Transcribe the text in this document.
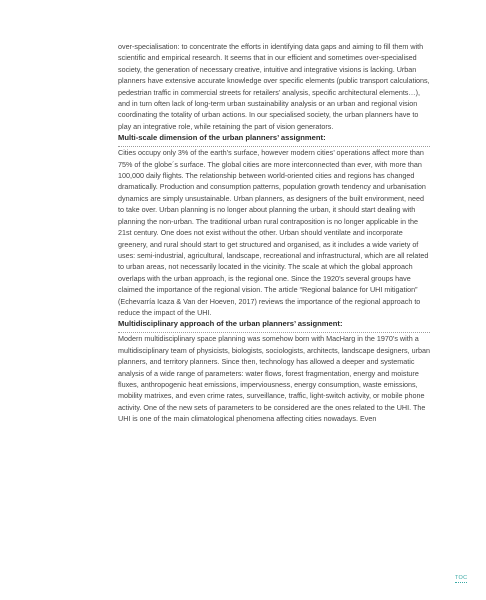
over-specialisation: to concentrate the efforts in identifying data gaps and aiming to fill them with scientific and empirical research. It seems that in our efficient and sometimes over-specialised society, the generation of necessary creative, intuitive and integrative visions is lacking. Urban planners have extensive accurate knowledge over specific elements (public transport calculations, pedestrian traffic in commercial streets for retailers’ analysis, specific architectural elements…), and in turn often lack of long-term urban sustainability analysis or an urban and regional vision coordinating the totality of urban actions. In our specialised society, the urban planners have to play an integrative role, while retaining the part of vision generators.

Multi-scale dimension of the urban planners’ assignment:

Cities occupy only 3% of the earth’s surface, however modern cities’ operations affect more than 75% of the globe´s surface. The global cities are more interconnected than ever, with more than 100,000 daily flights. The relationship between world-oriented cities and regions has changed dramatically. Production and consumption patterns, population growth tendency and urbanisation dynamics are simply unsustainable. Urban planners, as designers of the built environment, need to take over. Urban planning is no longer about planning the urban, it should start dealing with planning the non-urban. The traditional urban rural contraposition is no longer applicable in the 21st century. One does not exist without the other. Urban should ventilate and incorporate greenery, and rural should start to get structured and organised, as it includes a wide variety of uses: semi-industrial, agricultural, landscape, recreational and infrastructural, which are all related to urban areas, not necessarily located in the vicinity. The scale at which the global approach overlaps with the urban approach, is the regional one. Since the 1920’s several groups have claimed the importance of the regional vision. The article “Regional balance for UHI mitigation” (Echevarría Icaza & Van der Hoeven, 2017) reviews the importance of the regional approach to reduce the impact of the UHI.

Multidisciplinary approach of the urban planners’ assignment:

Modern multidisciplinary space planning was somehow born with MacHarg in the 1970’s with a multidisciplinary team of physicists, biologists, sociologists, architects, landscape designers, urban planners, and territory planners. Since then, technology has allowed a deeper and systematic analysis of a wide range of parameters: water flows, forest fragmentation, energy and moisture fluxes, anthropogenic heat emissions, imperviousness, energy consumption, waste emissions, mobility matrixes, and even crime rates, surveillance, traffic, light-switch activity, or mobile phone activity. One of the new sets of parameters to be considered are the ones related to the UHI. The UHI is one of the main climatological phenomena affecting cities nowadays. Even

TOC
